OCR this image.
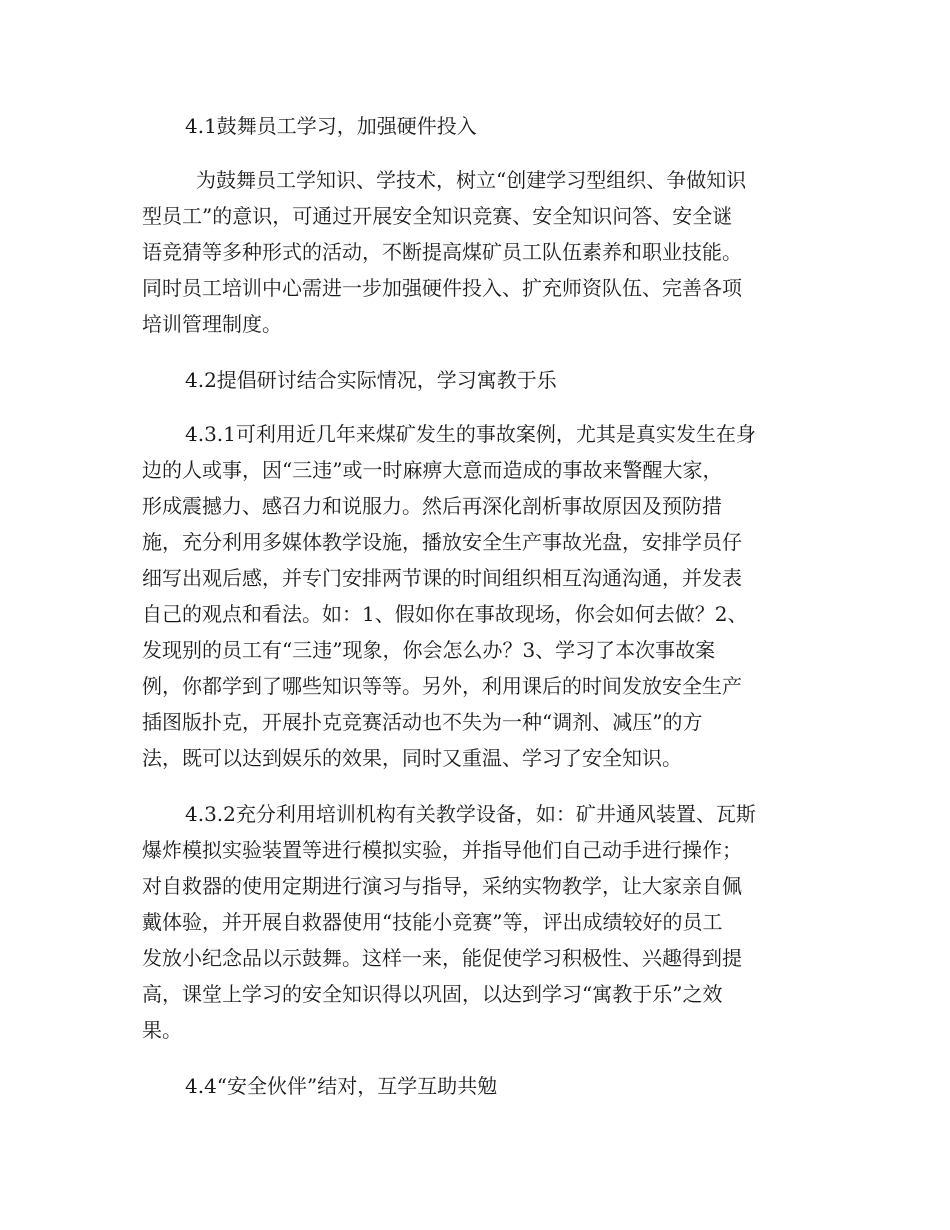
4.1鼓舞员工学习，加强硬件投入
为鼓舞员工学知识、学技术，树立“创建学习型组织、争做知识
型员工”的意识，可通过开展安全知识竞赛、安全知识问答、安全谜
语竞猜等多种形式的活动，不断提高煤矿员工队伍素养和职业技能。
同时员工培训中心需进一步加强硬件投入、扩充师资队伍、完善各项
培训管理制度。
4.2提倡研讨结合实际情况，学习寓教于乐
4.3.1可利用近几年来煤矿发生的事故案例，尤其是真实发生在身
边的人或事，因“三违”或一时麻痹大意而造成的事故来警醒大家，
形成震撼力、感召力和说服力。然后再深化剖析事故原因及预防措
施，充分利用多媒体教学设施，播放安全生产事故光盘，安排学员仔
细写出观后感，并专门安排两节课的时间组织相互沟通沟通，并发表
自己的观点和看法。如：1、假如你在事故现场，你会如何去做？2、
发现别的员工有“三违”现象，你会怎么办？3、学习了本次事故案
例，你都学到了哪些知识等等。另外，利用课后的时间发放安全生产
插图版扑克，开展扑克竞赛活动也不失为一种“调剂、减压”的方
法，既可以达到娱乐的效果，同时又重温、学习了安全知识。
4.3.2充分利用培训机构有关教学设备，如：矿井通风装置、瓦斯
爆炸模拟实验装置等进行模拟实验，并指导他们自己动手进行操作；
对自救器的使用定期进行演习与指导，采纳实物教学，让大家亲自佩
戴体验，并开展自救器使用“技能小竞赛”等，评出成绩较好的员工
发放小纪念品以示鼓舞。这样一来，能促使学习积极性、兴趣得到提
高，课堂上学习的安全知识得以巩固，以达到学习“寓教于乐”之效
果。
4.4“安全伙伴”结对，互学互助共勉
